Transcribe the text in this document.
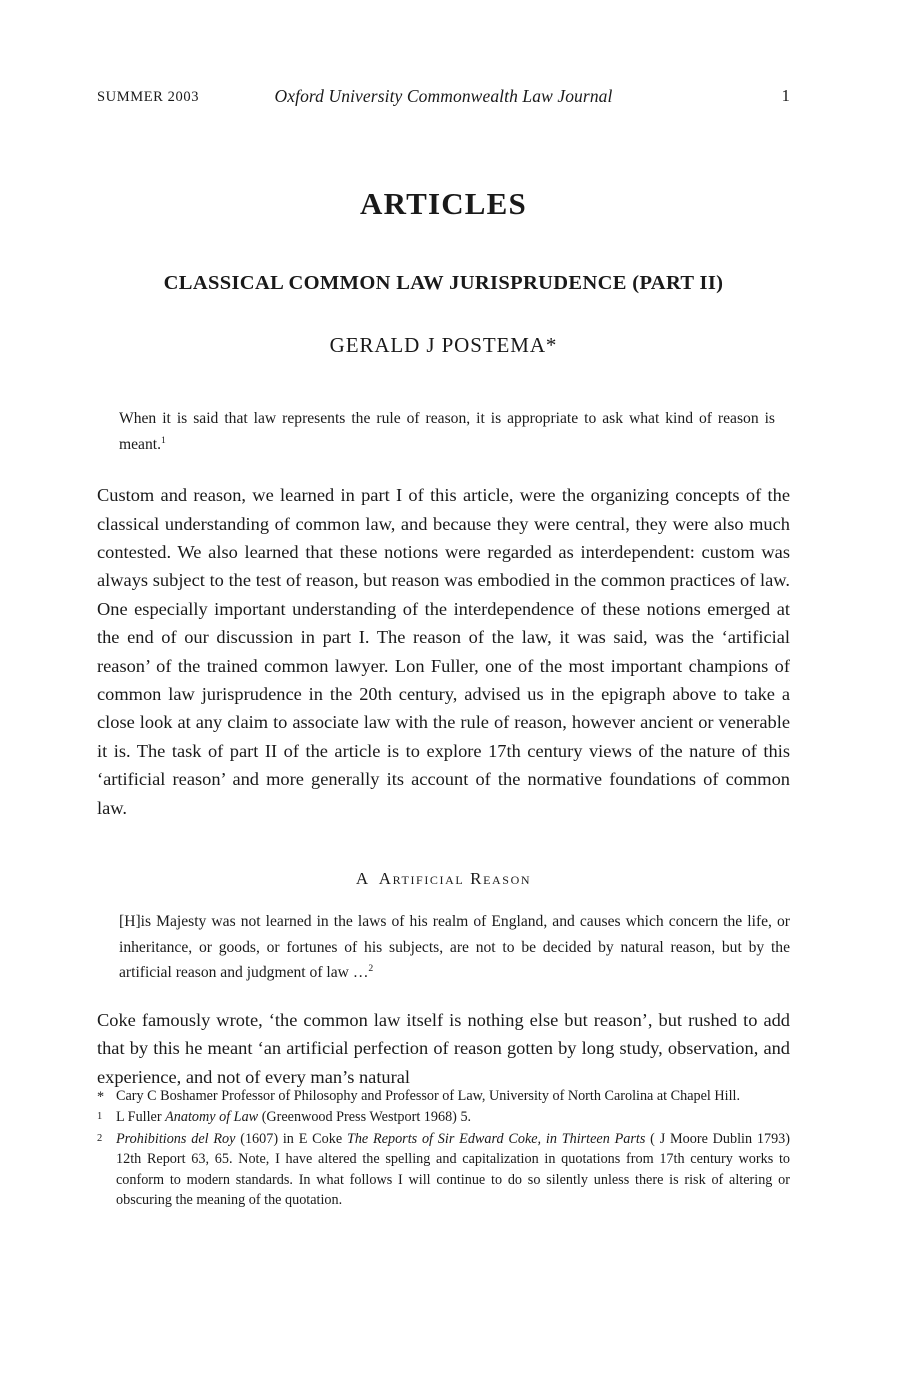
SUMMER 2003	Oxford University Commonwealth Law Journal	1
ARTICLES
CLASSICAL COMMON LAW JURISPRUDENCE (PART II)
GERALD J POSTEMA*

When it is said that law represents the rule of reason, it is appropriate to ask what kind of reason is meant.$^1$

Custom and reason, we learned in part I of this article, were the organizing concepts of the classical understanding of common law, and because they were central, they were also much contested. We also learned that these notions were regarded as interdependent: custom was always subject to the test of reason, but reason was embodied in the common practices of law. One especially important understanding of the interdependence of these notions emerged at the end of our discussion in part I. The reason of the law, it was said, was the ‘artificial reason’ of the trained common lawyer. Lon Fuller, one of the most important champions of common law jurisprudence in the 20th century, advised us in the epigraph above to take a close look at any claim to associate law with the rule of reason, however ancient or venerable it is. The task of part II of the article is to explore 17th century views of the nature of this ‘artificial reason’ and more generally its account of the normative foundations of common law.

A Artificial Reason

[H]is Majesty was not learned in the laws of his realm of England, and causes which concern the life, or inheritance, or goods, or fortunes of his subjects, are not to be decided by natural reason, but by the artificial reason and judgment of law …$^2$

Coke famously wrote, ‘the common law itself is nothing else but reason’, but rushed to add that by this he meant ‘an artificial perfection of reason gotten by long study, observation, and experience, and not of every man’s natural

* Cary C Boshamer Professor of Philosophy and Professor of Law, University of North Carolina at Chapel Hill.
1 L Fuller Anatomy of Law (Greenwood Press Westport 1968) 5.
2 Prohibitions del Roy (1607) in E Coke The Reports of Sir Edward Coke, in Thirteen Parts ( J Moore Dublin 1793) 12th Report 63, 65. Note, I have altered the spelling and capitalization in quotations from 17th century works to conform to modern standards. In what follows I will continue to do so silently unless there is risk of altering or obscuring the meaning of the quotation.
